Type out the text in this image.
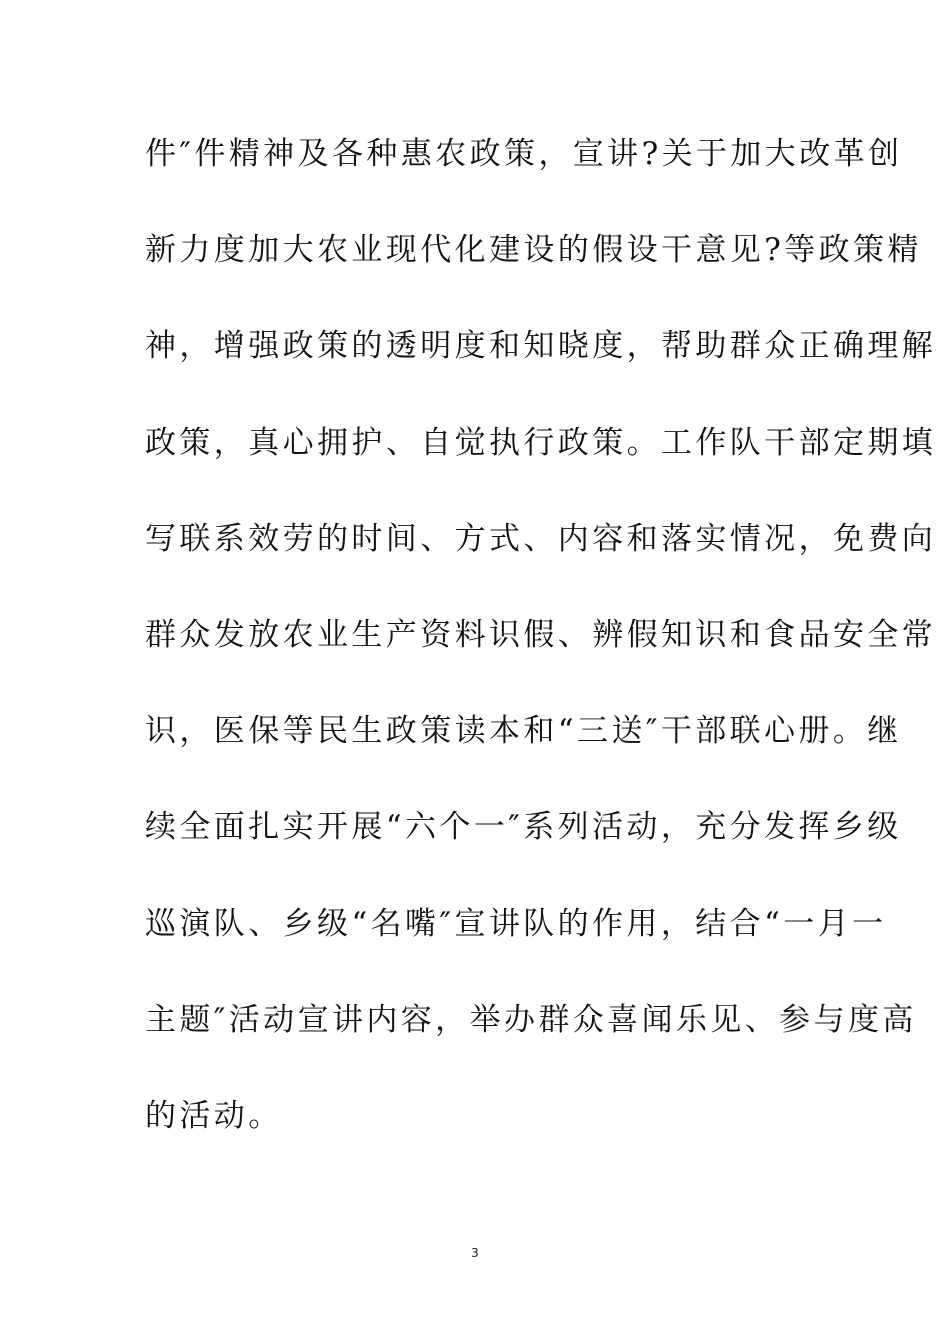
件″件精神及各种惠农政策，宣讲?关于加大改革创
新力度加大农业现代化建设的假设干意见?等政策精
神，增强政策的透明度和知晓度，帮助群众正确理解
政策，真心拥护、自觉执行政策。工作队干部定期填
写联系效劳的时间、方式、内容和落实情况，免费向
群众发放农业生产资料识假、辨假知识和食品安全常
识，医保等民生政策读本和“三送″干部联心册。继
续全面扎实开展“六个一″系列活动，充分发挥乡级
巡演队、乡级“名嘴″宣讲队的作用，结合“一月一
主题″活动宣讲内容，举办群众喜闻乐见、参与度高
的活动。
3
